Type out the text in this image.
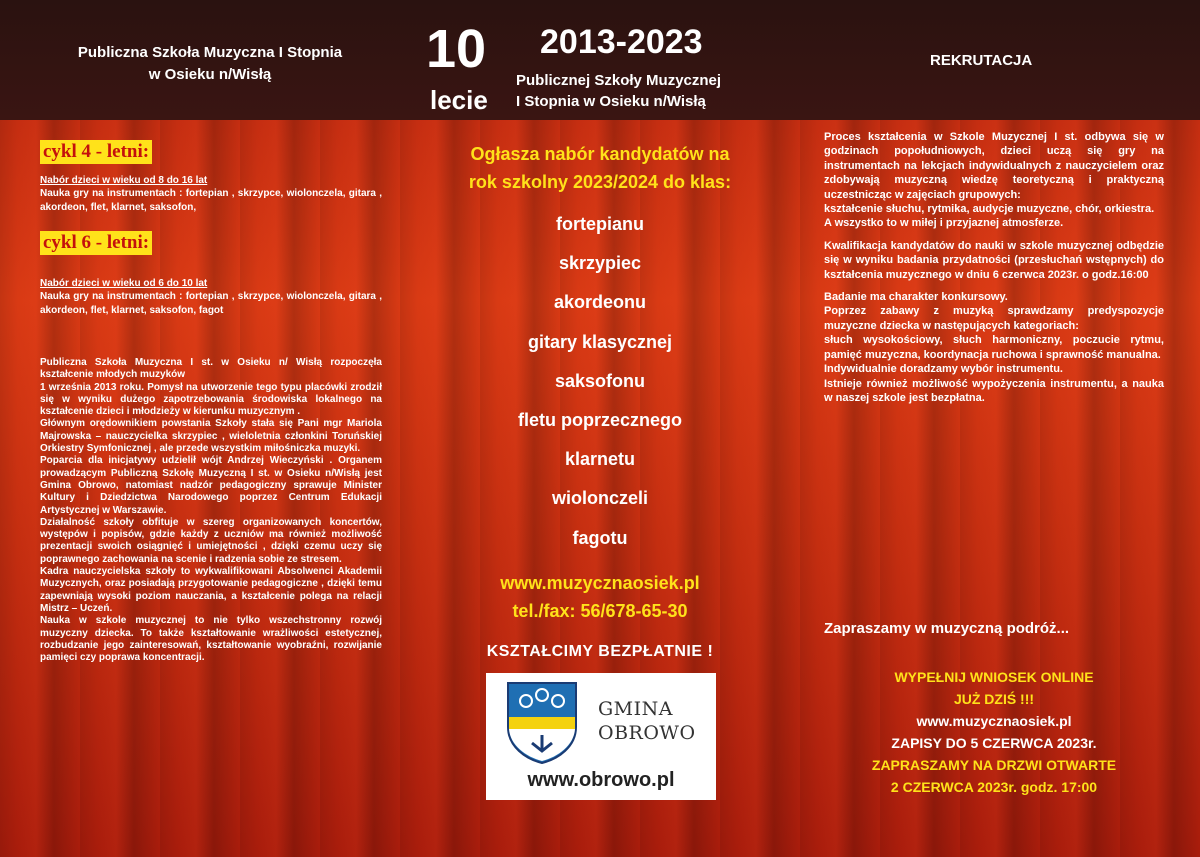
Publiczna Szkoła Muzyczna I Stopnia
w Osieku n/Wisłą	10
lecie
2013-2023
Publicznej Szkoły Muzycznej
I Stopnia w Osieku n/Wisłą
REKRUTACJA
cykl 4 - letni:
Nabór dzieci w wieku od 8 do 16 lat
Nauka gry na instrumentach : fortepian , skrzypce, wiolonczela, gitara , akordeon, flet, klarnet, saksofon,
cykl 6 - letni:
Nabór dzieci w wieku od 6 do 10 lat
Nauka gry na instrumentach : fortepian , skrzypce, wiolonczela, gitara , akordeon, flet, klarnet, saksofon, fagot

Publiczna Szkoła Muzyczna I st. w Osieku n/ Wisłą rozpoczęła kształcenie młodych muzyków

1 września 2013 roku. Pomysł na utworzenie tego typu placówki zrodził się w wyniku dużego zapotrzebowania środowiska lokalnego na kształcenie dzieci i młodzieży w kierunku muzycznym .

Głównym orędownikiem powstania Szkoły stała się Pani mgr Mariola Majrowska – nauczycielka skrzypiec , wieloletnia członkini Toruńskiej Orkiestry Symfonicznej , ale przede wszystkim miłośniczka muzyki.

Poparcia dla inicjatywy udzielił wójt Andrzej Wieczyński . Organem prowadzącym Publiczną Szkołę Muzyczną I st. w Osieku n/Wisłą jest Gmina Obrowo, natomiast nadzór pedagogiczny sprawuje Minister Kultury i Dziedzictwa Narodowego poprzez Centrum Edukacji Artystycznej w Warszawie.

Działalność szkoły obfituje w szereg organizowanych koncertów, występów i popisów, gdzie każdy z uczniów ma również możliwość prezentacji swoich osiągnięć i umiejętności , dzięki czemu uczy się poprawnego zachowania na scenie i radzenia sobie ze stresem.

Kadra nauczycielska szkoły to wykwalifikowani Absolwenci Akademii Muzycznych, oraz posiadają przygotowanie pedagogiczne , dzięki temu zapewniają wysoki poziom nauczania, a kształcenie polega na relacji Mistrz – Uczeń.

Nauka w szkole muzycznej to nie tylko wszechstronny rozwój muzyczny dziecka. To także kształtowanie wrażliwości estetycznej, rozbudzanie jego zainteresowań, kształtowanie wyobraźni, rozwijanie pamięci czy poprawa koncentracji.

Ogłasza nabór kandydatów na
rok szkolny 2023/2024 do klas:
fortepianu
skrzypiec
akordeonu
gitary klasycznej
saksofonu
fletu poprzecznego
klarnetu
wiolonczeli
fagotu
www.muzycznaosiek.pl
tel./fax: 56/678-65-30
KSZTAŁCIMY BEZPŁATNIE !
GMINA
OBROWO
www.obrowo.pl

Proces kształcenia w Szkole Muzycznej I st. odbywa się w godzinach popołudniowych, dzieci uczą się gry na instrumentach na lekcjach indywidualnych z nauczycielem oraz zdobywają muzyczną wiedzę teoretyczną i praktyczną uczestnicząc w zajęciach grupowych:
kształcenie słuchu, rytmika, audycje muzyczne, chór, orkiestra.
A wszystko to w miłej i przyjaznej atmosferze.

Kwalifikacja kandydatów do nauki w szkole muzycznej odbędzie się w wyniku badania przydatności (przesłuchań wstępnych) do kształcenia muzycznego w dniu 6 czerwca 2023r. o godz.16:00

Badanie ma charakter konkursowy.

Poprzez zabawy z muzyką sprawdzamy predyspozycje muzyczne dziecka w następujących kategoriach:

słuch wysokościowy, słuch harmoniczny, poczucie rytmu, pamięć muzyczna, koordynacja ruchowa i sprawność manualna.

Indywidualnie doradzamy wybór instrumentu.

Istnieje również możliwość wypożyczenia instrumentu, a nauka w naszej szkole jest bezpłatna.

Zapraszamy w muzyczną podróż...
WYPEŁNIJ WNIOSEK ONLINE
JUŻ DZIŚ !!!
www.muzycznaosiek.pl
ZAPISY DO 5 CZERWCA 2023r.
ZAPRASZAMY NA DRZWI OTWARTE
2 CZERWCA 2023r. godz. 17:00
